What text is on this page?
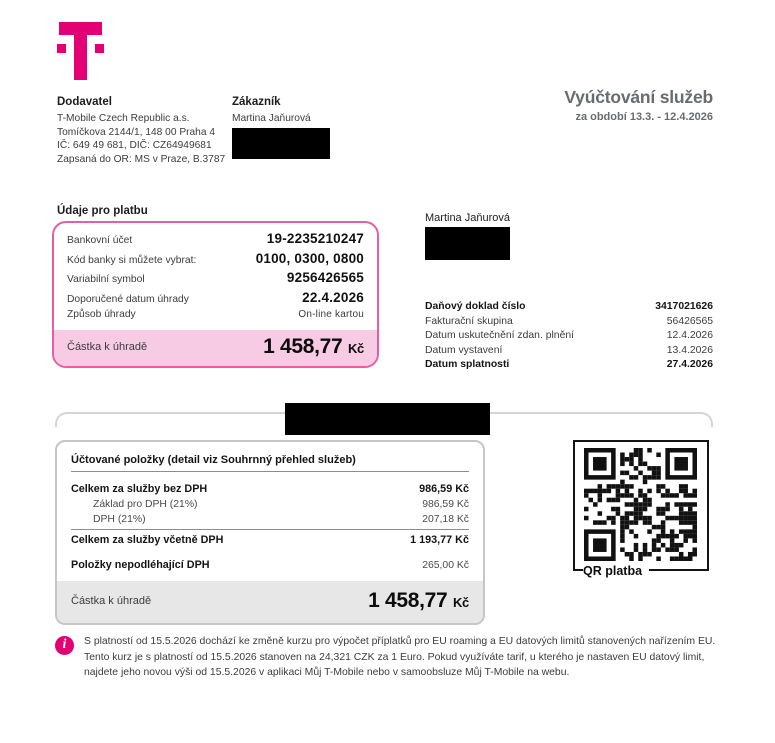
Dodavatel
T-Mobile Czech Republic a.s.
Tomíčkova 2144/1, 148 00 Praha 4
IČ: 649 49 681, DIČ: CZ64949681
Zapsaná do OR: MS v Praze, B.3787
Zákazník
Martina Jaňurová
Vyúčtování služeb
za období 13.3. - 12.4.2026
Údaje pro platbu
Bankovní účet	19-2235210247
Kód banky si můžete vybrat:	0100, 0300, 0800
Variabilní symbol	9256426565
Doporučené datum úhrady	22.4.2026
Způsob úhrady	On-line kartou
Částka k úhradě	1 458,77 Kč
Martina Jaňurová
Daňový doklad číslo	3417021626
Fakturační skupina	56426565
Datum uskutečnění zdan. plnění	12.4.2026
Datum vystavení	13.4.2026
Datum splatnosti	27.4.2026
Účtované položky (detail viz Souhrnný přehled služeb)
Celkem za služby bez DPH	986,59 Kč
Základ pro DPH (21%)	986,59 Kč
DPH (21%)	207,18 Kč
Celkem za služby včetně DPH	1 193,77 Kč
Položky nepodléhající DPH	265,00 Kč
Částka k úhradě	1 458,77 Kč
QR platba
i	S platností od 15.5.2026 dochází ke změně kurzu pro výpočet příplatků pro EU roaming a EU datových limitů stanovených nařízením EU. Tento kurz je s platností od 15.5.2026 stanoven na 24,321 CZK za 1 Euro. Pokud využíváte tarif, u kterého je nastaven EU datový limit, najdete jeho novou výši od 15.5.2026 v aplikaci Můj T-Mobile nebo v samoobsluze Můj T-Mobile na webu.
